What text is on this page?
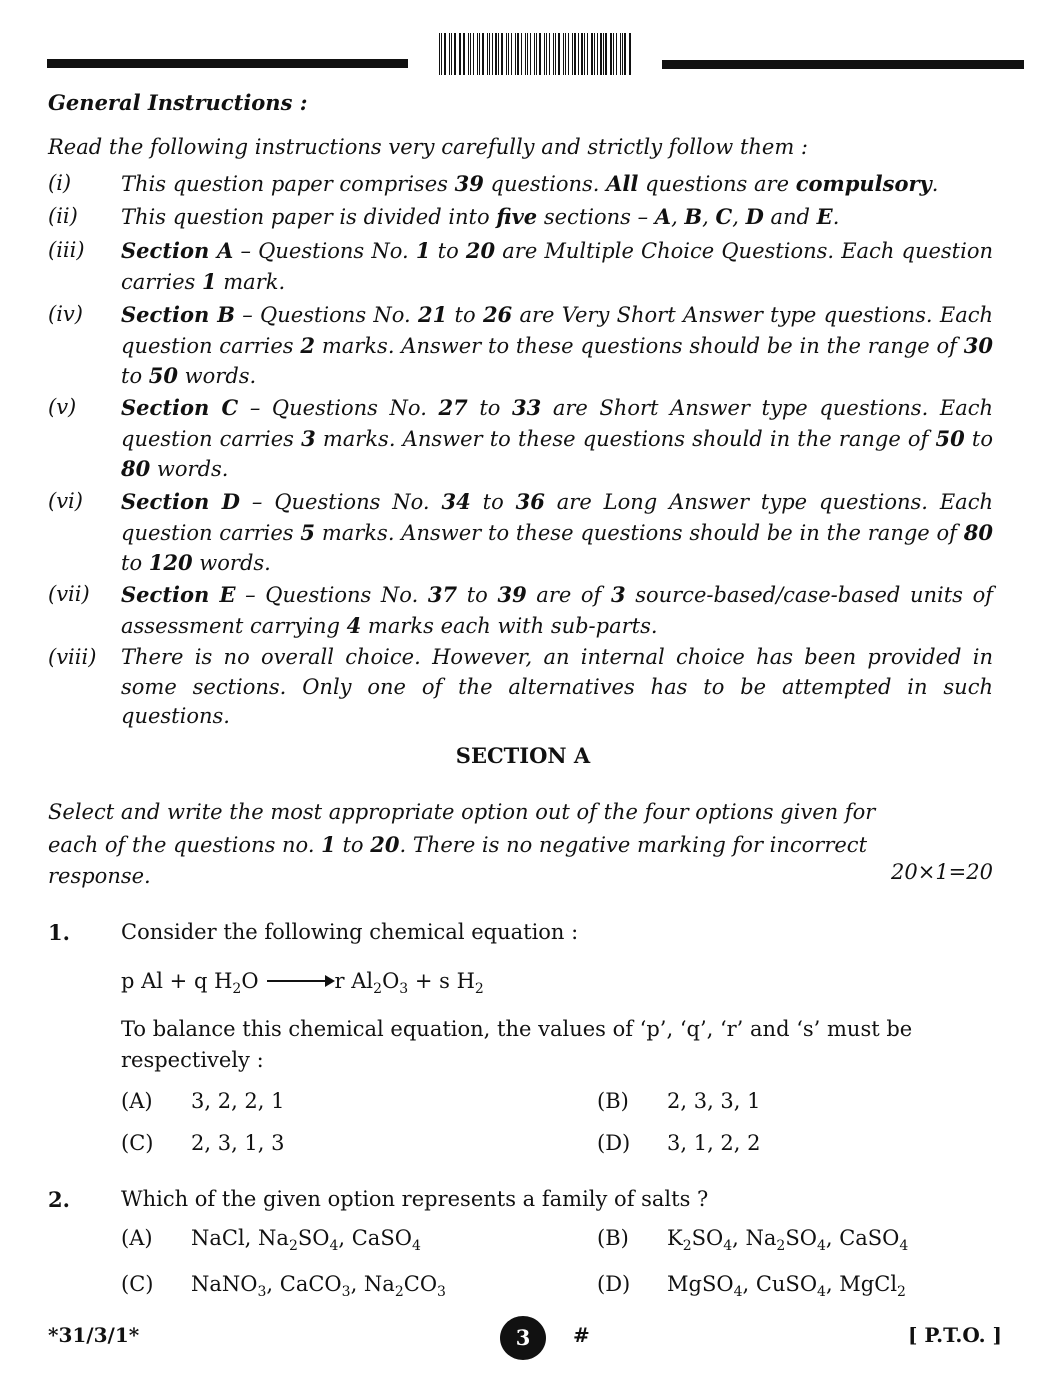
General Instructions :
Read the following instructions very carefully and strictly follow them :
(i)	This question paper comprises 39 questions. All questions are compulsory.
(ii)	This question paper is divided into five sections – A, B, C, D and E.
(iii)	Section A – Questions No. 1 to 20 are Multiple Choice Questions. Each question carries 1 mark.
(iv)	Section B – Questions No. 21 to 26 are Very Short Answer type questions. Each question carries 2 marks. Answer to these questions should be in the range of 30 to 50 words.
(v)	Section C – Questions No. 27 to 33 are Short Answer type questions. Each question carries 3 marks. Answer to these questions should in the range of 50 to 80 words.
(vi)	Section D – Questions No. 34 to 36 are Long Answer type questions. Each question carries 5 marks. Answer to these questions should be in the range of 80 to 120 words.
(vii)	Section E – Questions No. 37 to 39 are of 3 source-based/case-based units of assessment carrying 4 marks each with sub-parts.
(viii)	There is no overall choice. However, an internal choice has been provided in some sections. Only one of the alternatives has to be attempted in such questions.
SECTION A
Select and write the most appropriate option out of the four options given for
each of the questions no. 1 to 20. There is no negative marking for incorrect
response.	20×1=20
1. Consider the following chemical equation :
p Al + q $H_2O \to r$ $Al_2O_3 + s$ $H_2$
To balance this chemical equation, the values of ‘p’, ‘q’, ‘r’ and ‘s’ must be respectively :
(A) 3, 2, 2, 1	(B) 2, 3, 3, 1
(C) 2, 3, 1, 3	(D) 3, 1, 2, 2
2. Which of the given option represents a family of salts ?
(A) NaCl, $Na_2SO_4$, CaSO$_4$	(B) $K_2SO_4$, $Na_2SO_4$, CaSO$_4$
(C) NaNO$_3$, CaCO$_3$, $Na_2CO_3$	(D) MgSO$_4$, CuSO$_4$, MgCl$_2$
*31/3/1*	3	#	[ P.T.O. ]
